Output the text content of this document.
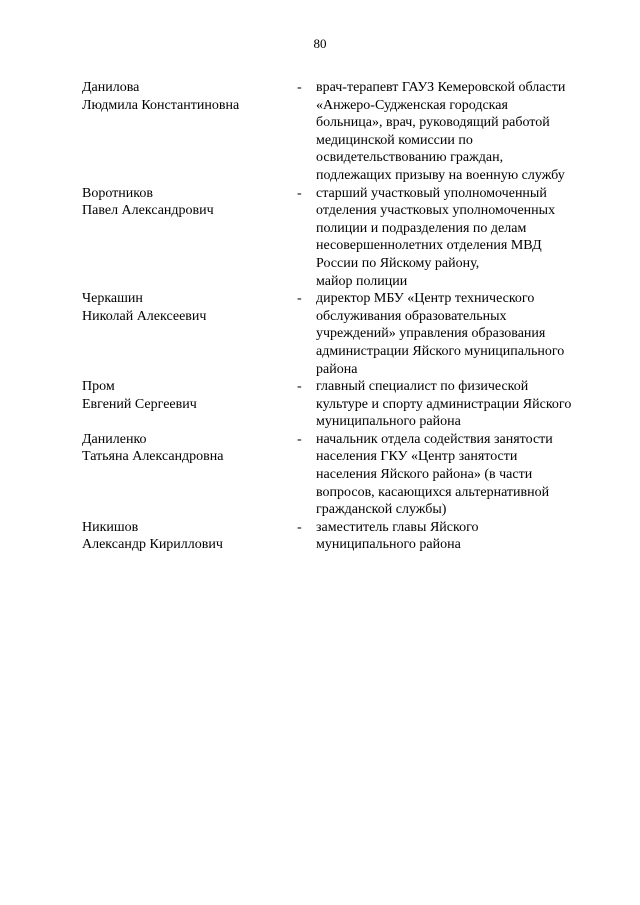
80
Данилова
Людмила Константиновна
- врач-терапевт ГАУЗ Кемеровской области
«Анжеро-Судженская городская
больница», врач, руководящий работой
медицинской комиссии по
освидетельствованию граждан,
подлежащих призыву на военную службу
Воротников
Павел Александрович
- старший участковый уполномоченный
отделения участковых уполномоченных
полиции и подразделения по делам
несовершеннолетних отделения МВД
России по Яйскому району,
майор полиции
Черкашин
Николай Алексеевич
- директор МБУ «Центр технического
обслуживания образовательных
учреждений» управления образования
администрации Яйского муниципального
района
Пром
Евгений Сергеевич
- главный специалист по физической
культуре и спорту администрации Яйского
муниципального района
Даниленко
Татьяна Александровна
- начальник отдела содействия занятости
населения ГКУ «Центр занятости
населения Яйского района» (в части
вопросов, касающихся альтернативной
гражданской службы)
Никишов
Александр Кириллович
- заместитель главы Яйского
муниципального района
